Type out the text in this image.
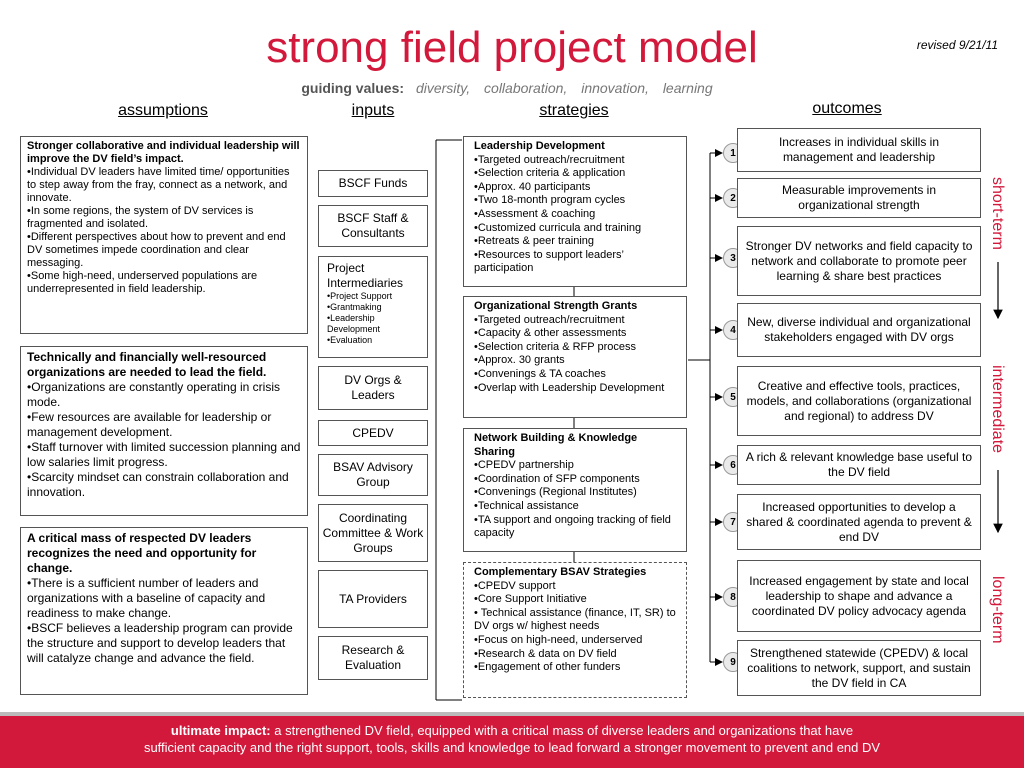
strong field project model	revised 9/21/11
guiding values: diversity, collaboration, innovation, learning
assumptions	inputs	strategies	outcomes
Stronger collaborative and individual leadership will improve the DV field’s impact.
•Individual DV leaders have limited time/ opportunities to step away from the fray, connect as a network, and innovate.
•In some regions, the system of DV services is fragmented and isolated.
•Different perspectives about how to prevent and end DV sometimes impede coordination and clear messaging.
•Some high-need, underserved populations are underrepresented in field leadership.
Technically and financially well-resourced organizations are needed to lead the field.
•Organizations are constantly operating in crisis mode.
•Few resources are available for leadership or management development.
•Staff turnover with limited succession planning and low salaries limit progress.
•Scarcity mindset can constrain collaboration and innovation.
A critical mass of respected DV leaders recognizes the need and opportunity for change.
•There is a sufficient number of leaders and organizations with a baseline of capacity and readiness to make change.
•BSCF believes a leadership program can provide the structure and support to develop leaders that will catalyze change and advance the field.
BSCF Funds
BSCF Staff & Consultants
Project Intermediaries
•Project Support
•Grantmaking
•Leadership Development
•Evaluation
DV Orgs & Leaders
CPEDV
BSAV Advisory Group
Coordinating Committee & Work Groups
TA Providers
Research & Evaluation
Leadership Development
•Targeted outreach/recruitment
•Selection criteria & application
•Approx. 40 participants
•Two 18-month program cycles
•Assessment & coaching
•Customized curricula and training
•Retreats & peer training
•Resources to support leaders’ participation
Organizational Strength Grants
•Targeted outreach/recruitment
•Capacity & other assessments
•Selection criteria & RFP process
•Approx. 30 grants
•Convenings & TA coaches
•Overlap with Leadership Development
Network Building & Knowledge Sharing
•CPEDV partnership
•Coordination of SFP components
•Convenings (Regional Institutes)
•Technical assistance
•TA support and ongoing tracking of field capacity
Complementary BSAV Strategies
•CPEDV support
•Core Support Initiative
• Technical assistance (finance, IT, SR) to DV orgs w/ highest needs
•Focus on high-need, underserved
•Research & data on DV field
•Engagement of other funders
1
2
3
4
5
6
7
8
9
Increases in individual skills in management and leadership
Measurable improvements in organizational strength
Stronger DV networks and field capacity to network and collaborate to promote peer learning & share best practices
New, diverse individual and organizational stakeholders engaged with DV orgs
Creative and effective tools, practices, models, and collaborations (organizational and regional) to address DV
A rich & relevant knowledge base useful to the DV field
Increased opportunities to develop a shared & coordinated agenda to prevent & end DV
Increased engagement by state and local leadership to shape and advance a coordinated DV policy advocacy agenda
Strengthened statewide (CPEDV) & local coalitions to network, support, and sustain the DV field in CA
short-term
intermediate
long-term
ultimate impact: a strengthened DV field, equipped with a critical mass of diverse leaders and organizations that have
sufficient capacity and the right support, tools, skills and knowledge to lead forward a stronger movement to prevent and end DV
